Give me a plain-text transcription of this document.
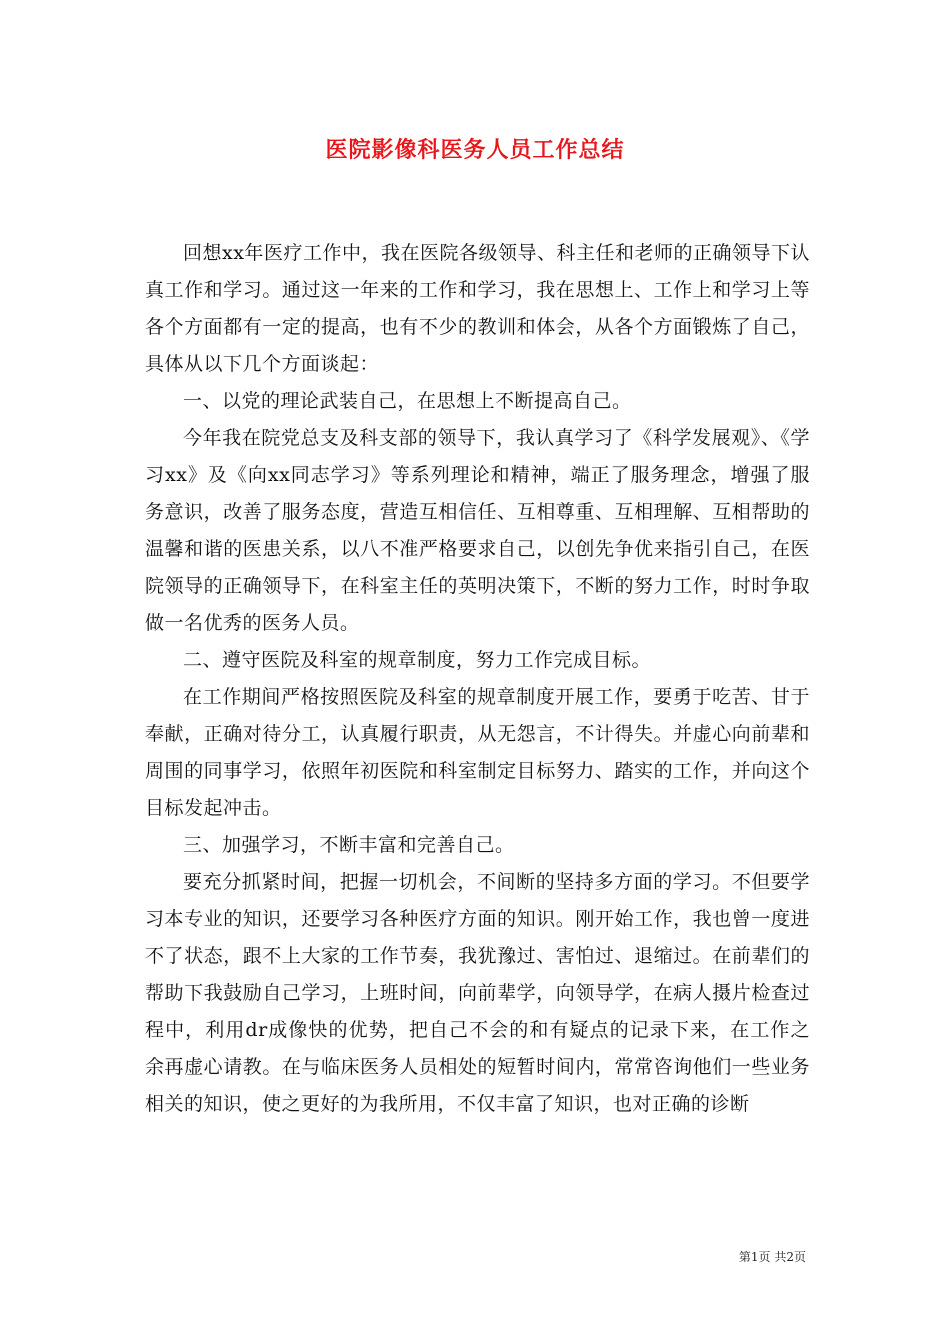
医院影像科医务人员工作总结

回想xx年医疗工作中，我在医院各级领导、科主任和老师的正确领导下认真工作和学习。通过这一年来的工作和学习，我在思想上、工作上和学习上等各个方面都有一定的提高，也有不少的教训和体会，从各个方面锻炼了自己，具体从以下几个方面谈起：

一、以党的理论武装自己，在思想上不断提高自己。

今年我在院党总支及科支部的领导下，我认真学习了《科学发展观》、《学习xx》及《向xx同志学习》等系列理论和精神，端正了服务理念，增强了服务意识，改善了服务态度，营造互相信任、互相尊重、互相理解、互相帮助的温馨和谐的医患关系，以八不准严格要求自己，以创先争优来指引自己，在医院领导的正确领导下，在科室主任的英明决策下，不断的努力工作，时时争取做一名优秀的医务人员。

二、遵守医院及科室的规章制度，努力工作完成目标。

在工作期间严格按照医院及科室的规章制度开展工作，要勇于吃苦、甘于奉献，正确对待分工，认真履行职责，从无怨言，不计得失。并虚心向前辈和周围的同事学习，依照年初医院和科室制定目标努力、踏实的工作，并向这个目标发起冲击。

三、加强学习，不断丰富和完善自己。

要充分抓紧时间，把握一切机会，不间断的坚持多方面的学习。不但要学习本专业的知识，还要学习各种医疗方面的知识。刚开始工作，我也曾一度进不了状态，跟不上大家的工作节奏，我犹豫过、害怕过、退缩过。在前辈们的帮助下我鼓励自己学习，上班时间，向前辈学，向领导学，在病人摄片检查过程中，利用dr成像快的优势，把自己不会的和有疑点的记录下来，在工作之余再虚心请教。在与临床医务人员相处的短暂时间内，常常咨询他们一些业务相关的知识，使之更好的为我所用，不仅丰富了知识，也对正确的诊断

第1页 共2页
